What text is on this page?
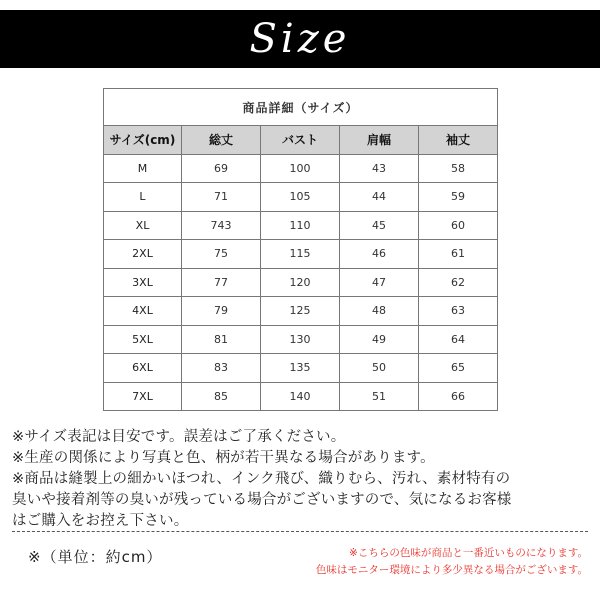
Size
商品詳細（サイズ）				
サイズ(cm)	総丈	バスト	肩幅	袖丈
M	69	100	43	58
L	71	105	44	59
XL	743	110	45	60
2XL	75	115	46	61
3XL	77	120	47	62
4XL	79	125	48	63
5XL	81	130	49	64
6XL	83	135	50	65
7XL	85	140	51	66

※サイズ表記は目安です。誤差はご了承ください。

※生産の関係により写真と色、柄が若干異なる場合があります。

※商品は縫製上の細かいほつれ、インク飛び、織りむら、汚れ、素材特有の

臭いや接着剤等の臭いが残っている場合がございますので、気になるお客様

はご購入をお控え下さい。

※（単位：約cm）	※こちらの色味が商品と一番近いものになります。

色味はモニター環境により多少異なる場合がございます。
